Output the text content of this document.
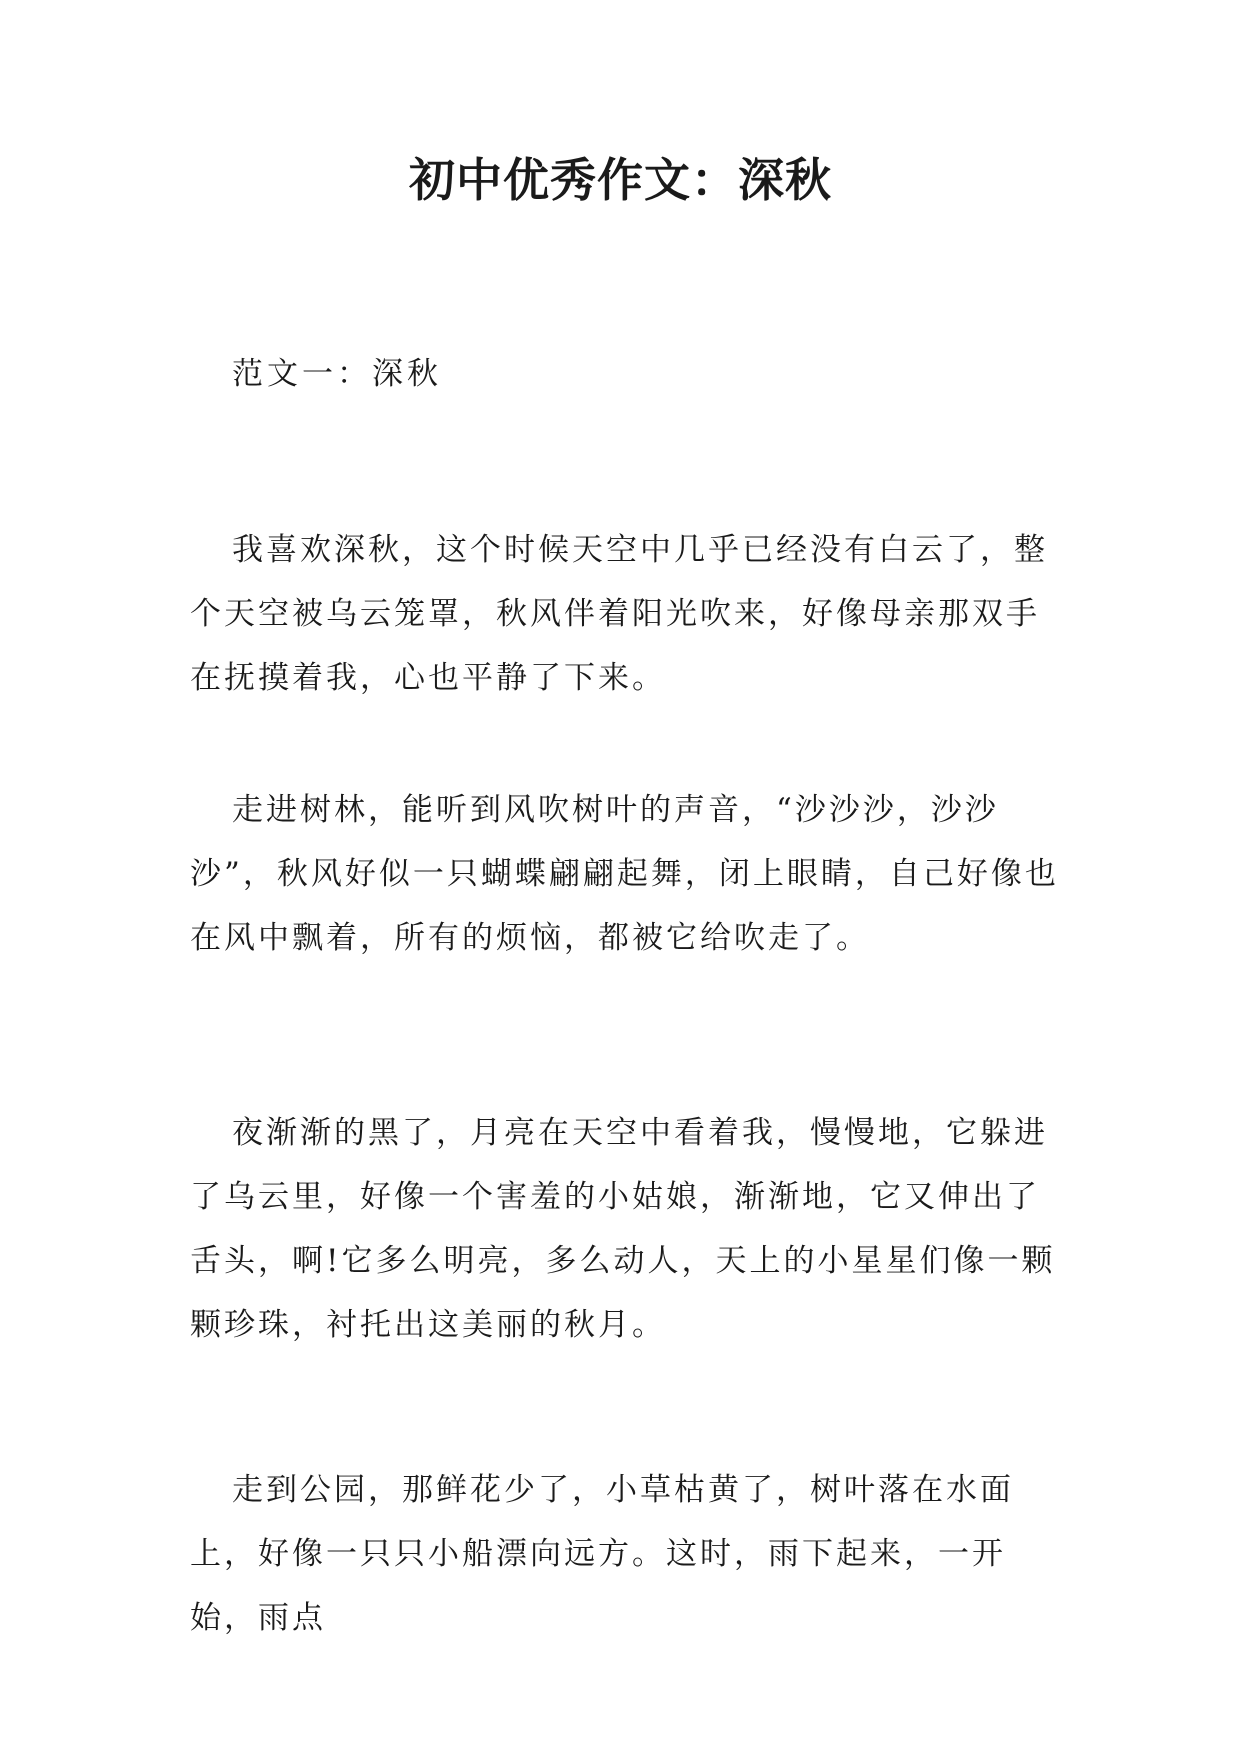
初中优秀作文：深秋

范文一：深秋

我喜欢深秋，这个时候天空中几乎已经没有白云了，整个天空被乌云笼罩，秋风伴着阳光吹来，好像母亲那双手在抚摸着我，心也平静了下来。

走进树林，能听到风吹树叶的声音，“沙沙沙，沙沙沙”，秋风好似一只蝴蝶翩翩起舞，闭上眼睛，自己好像也在风中飘着，所有的烦恼，都被它给吹走了。

夜渐渐的黑了，月亮在天空中看着我，慢慢地，它躲进了乌云里，好像一个害羞的小姑娘，渐渐地，它又伸出了舌头，啊!它多么明亮，多么动人，天上的小星星们像一颗颗珍珠，衬托出这美丽的秋月。

走到公园，那鲜花少了，小草枯黄了，树叶落在水面上，好像一只只小船漂向远方。这时，雨下起来，一开始，雨点
